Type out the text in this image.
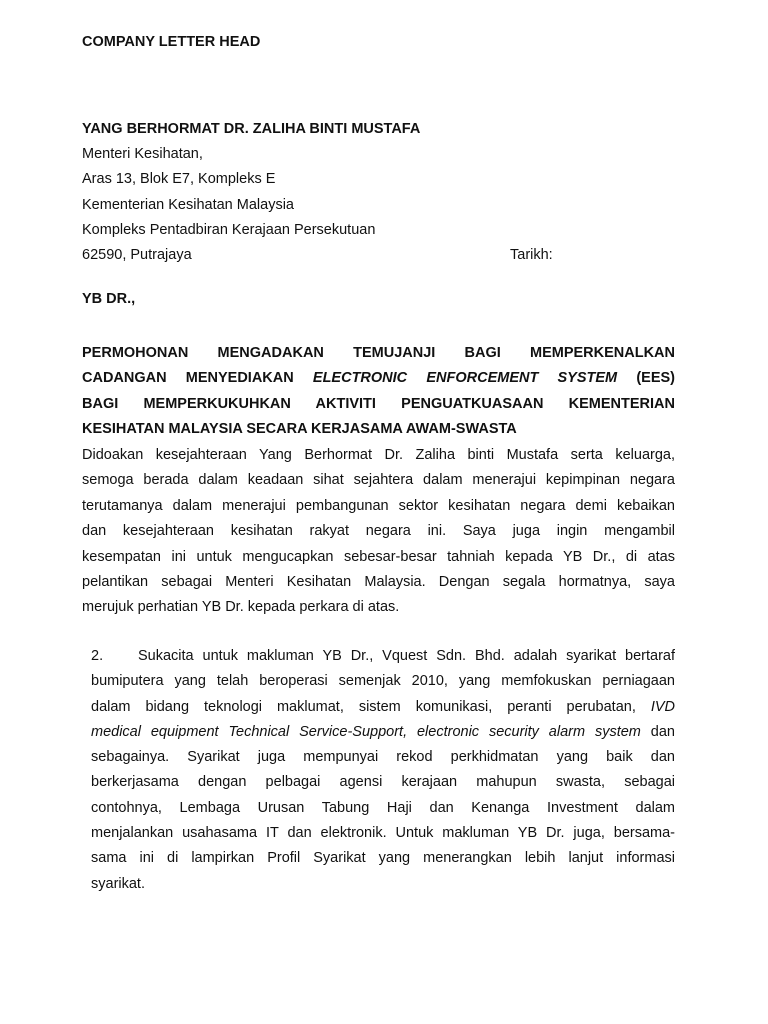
COMPANY LETTER HEAD
YANG BERHORMAT DR. ZALIHA BINTI MUSTAFA
Menteri Kesihatan,
Aras 13, Blok E7, Kompleks E
Kementerian Kesihatan Malaysia
Kompleks Pentadbiran Kerajaan Persekutuan
62590, Putrajaya	Tarikh:
YB DR.,
PERMOHONAN MENGADAKAN TEMUJANJI BAGI MEMPERKENALKAN
CADANGAN MENYEDIAKAN ELECTRONIC ENFORCEMENT SYSTEM (EES)
BAGI MEMPERKUKUHKAN AKTIVITI PENGUATKUASAAN KEMENTERIAN
KESIHATAN MALAYSIA SECARA KERJASAMA AWAM-SWASTA
Didoakan kesejahteraan Yang Berhormat Dr. Zaliha binti Mustafa serta keluarga,
semoga berada dalam keadaan sihat sejahtera dalam menerajui kepimpinan negara
terutamanya dalam menerajui pembangunan sektor kesihatan negara demi kebaikan
dan kesejahteraan kesihatan rakyat negara ini. Saya juga ingin mengambil
kesempatan ini untuk mengucapkan sebesar-besar tahniah kepada YB Dr., di atas
pelantikan sebagai Menteri Kesihatan Malaysia. Dengan segala hormatnya, saya
merujuk perhatian YB Dr. kepada perkara di atas.
2. Sukacita untuk makluman YB Dr., Vquest Sdn. Bhd. adalah syarikat bertaraf
bumiputera yang telah beroperasi semenjak 2010, yang memfokuskan perniagaan
dalam bidang teknologi maklumat, sistem komunikasi, peranti perubatan, IVD
medical equipment Technical Service-Support, electronic security alarm system dan
sebagainya. Syarikat juga mempunyai rekod perkhidmatan yang baik dan
berkerjasama dengan pelbagai agensi kerajaan mahupun swasta, sebagai
contohnya, Lembaga Urusan Tabung Haji dan Kenanga Investment dalam
menjalankan usahasama IT dan elektronik. Untuk makluman YB Dr. juga, bersama-
sama ini di lampirkan Profil Syarikat yang menerangkan lebih lanjut informasi
syarikat.
